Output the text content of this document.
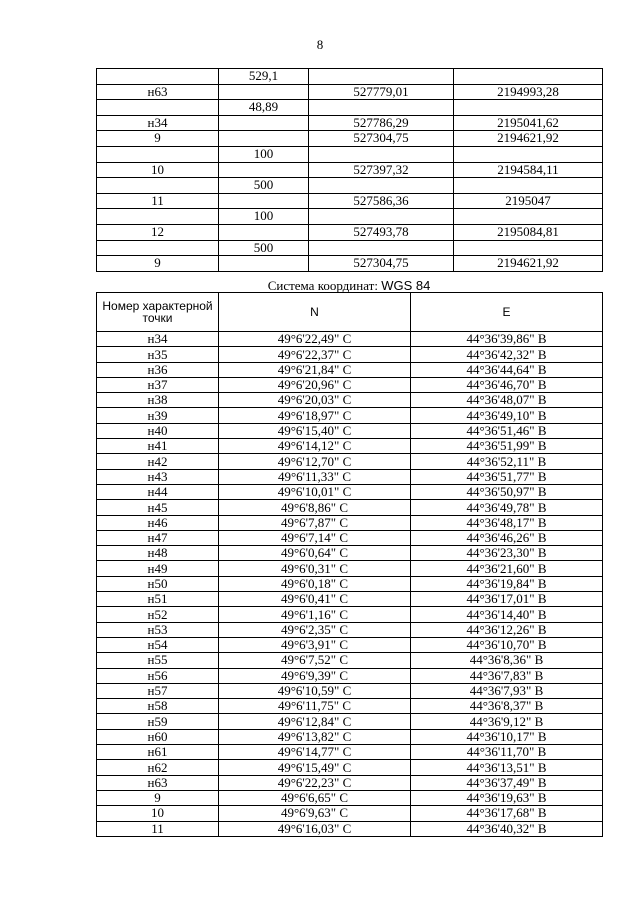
8
	529,1		
н63		527779,01	2194993,28
	48,89		
н34		527786,29	2195041,62
9		527304,75	2194621,92
	100		
10		527397,32	2194584,11
	500		
11		527586,36	2195047
	100		
12		527493,78	2195084,81
	500		
9		527304,75	2194621,92
Система координат: WGS 84
Номер характерной точки	N	E
н34	49°6'22,49" С	44°36'39,86" В
н35	49°6'22,37" С	44°36'42,32" В
н36	49°6'21,84" С	44°36'44,64" В
н37	49°6'20,96" С	44°36'46,70" В
н38	49°6'20,03" С	44°36'48,07" В
н39	49°6'18,97" С	44°36'49,10" В
н40	49°6'15,40" С	44°36'51,46" В
н41	49°6'14,12" С	44°36'51,99" В
н42	49°6'12,70" С	44°36'52,11" В
н43	49°6'11,33" С	44°36'51,77" В
н44	49°6'10,01" С	44°36'50,97" В
н45	49°6'8,86" С	44°36'49,78" В
н46	49°6'7,87" С	44°36'48,17" В
н47	49°6'7,14" С	44°36'46,26" В
н48	49°6'0,64" С	44°36'23,30" В
н49	49°6'0,31" С	44°36'21,60" В
н50	49°6'0,18" С	44°36'19,84" В
н51	49°6'0,41" С	44°36'17,01" В
н52	49°6'1,16" С	44°36'14,40" В
н53	49°6'2,35" С	44°36'12,26" В
н54	49°6'3,91" С	44°36'10,70" В
н55	49°6'7,52" С	44°36'8,36" В
н56	49°6'9,39" С	44°36'7,83" В
н57	49°6'10,59" С	44°36'7,93" В
н58	49°6'11,75" С	44°36'8,37" В
н59	49°6'12,84" С	44°36'9,12" В
н60	49°6'13,82" С	44°36'10,17" В
н61	49°6'14,77" С	44°36'11,70" В
н62	49°6'15,49" С	44°36'13,51" В
н63	49°6'22,23" С	44°36'37,49" В
9	49°6'6,65" С	44°36'19,63" В
10	49°6'9,63" С	44°36'17,68" В
11	49°6'16,03" С	44°36'40,32" В
